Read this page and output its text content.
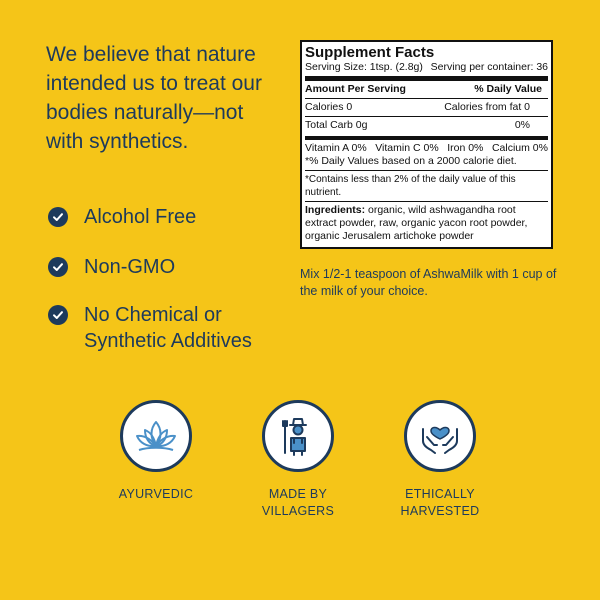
We believe that nature intended us to treat our bodies naturally—not with synthetics.
Alcohol Free
Non-GMO
No Chemical or Synthetic Additives
Supplement Facts
Serving Size: 1tsp. (2.8g) Serving per container: 36
Amount Per Serving	% Daily Value
Calories 0	Calories from fat 0
Total Carb 0g	0%
Vitamin A 0% Vitamin C 0% Iron 0% Calcium 0%
*% Daily Values based on a 2000 calorie diet.
*Contains less than 2% of the daily value of this nutrient.
Ingredients: organic, wild ashwagandha root extract powder, raw, organic yacon root powder, organic Jerusalem artichoke powder
Mix 1/2-1 teaspoon of AshwaMilk with 1 cup of the milk of your choice.
AYURVEDIC	MADE BY
VILLAGERS
ETHICALLY
HARVESTED
